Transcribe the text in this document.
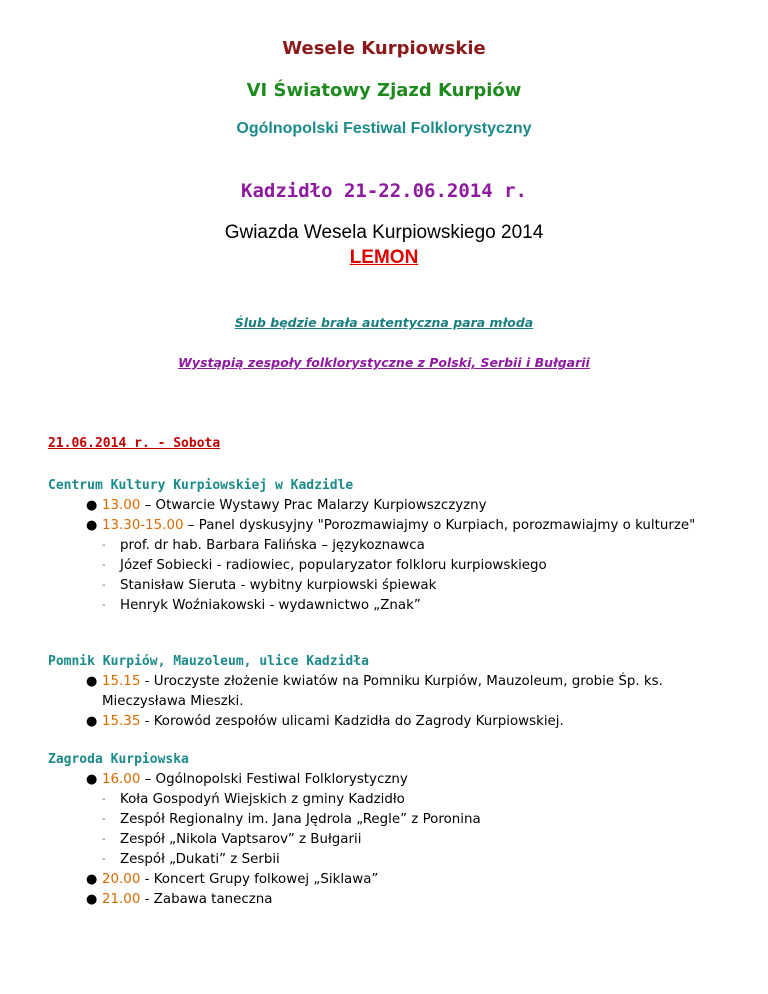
Wesele Kurpiowskie
VI Światowy Zjazd Kurpiów
Ogólnopolski Festiwal Folklorystyczny
Kadzidło 21-22.06.2014 r.
Gwiazda Wesela Kurpiowskiego 2014
LEMON
Ślub będzie brała autentyczna para młoda
Wystąpią zespoły folklorystyczne z Polski, Serbii i Bułgarii
21.06.2014 r. - Sobota
Centrum Kultury Kurpiowskiej w Kadzidle
● 13.00 – Otwarcie Wystawy Prac Malarzy Kurpiowszczyzny
● 13.30-15.00 – Panel dyskusyjny "Porozmawiajmy o Kurpiach, porozmawiajmy o kulturze"
- prof. dr hab. Barbara Falińska – językoznawca
- Józef Sobiecki - radiowiec, popularyzator folkloru kurpiowskiego
- Stanisław Sieruta - wybitny kurpiowski śpiewak
- Henryk Woźniakowski - wydawnictwo „Znak”
Pomnik Kurpiów, Mauzoleum, ulice Kadzidła
● 15.15 - Uroczyste złożenie kwiatów na Pomniku Kurpiów, Mauzoleum, grobie Śp. ks. Mieczysława Mieszki.
● 15.35 - Korowód zespołów ulicami Kadzidła do Zagrody Kurpiowskiej.
Zagroda Kurpiowska
● 16.00 – Ogólnopolski Festiwal Folklorystyczny
- Koła Gospodyń Wiejskich z gminy Kadzidło
- Zespół Regionalny im. Jana Jędrola „Regle” z Poronina
- Zespół „Nikola Vaptsarov” z Bułgarii
- Zespół „Dukati” z Serbii
● 20.00 - Koncert Grupy folkowej „Siklawa”
● 21.00 - Zabawa taneczna
